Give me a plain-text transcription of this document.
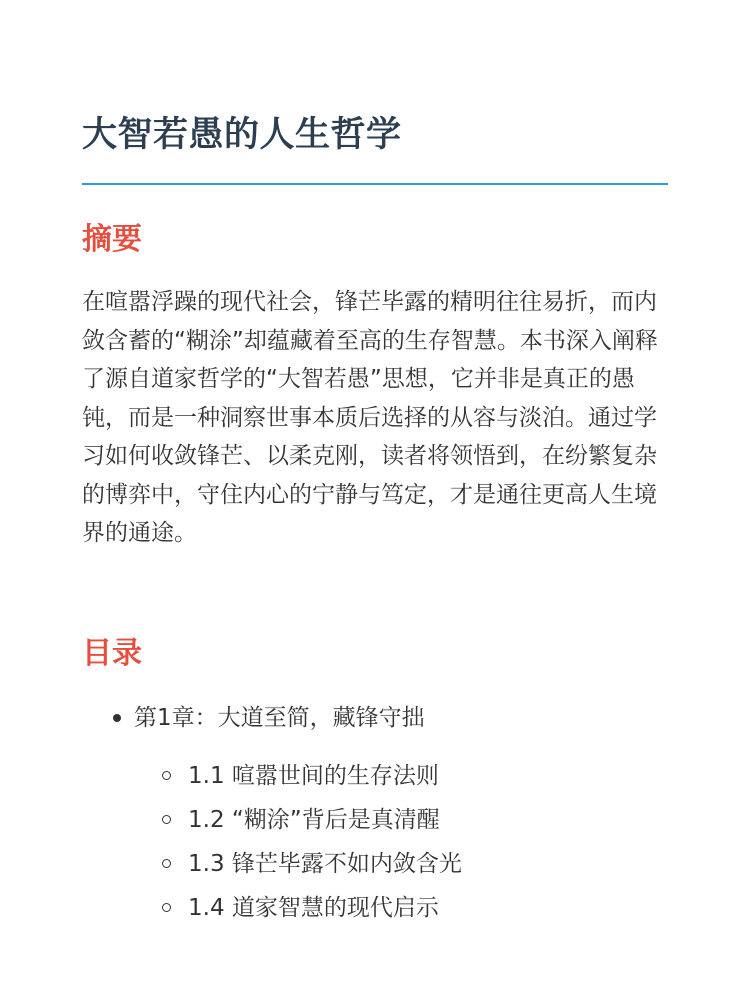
大智若愚的人生哲学
摘要

在喧嚣浮躁的现代社会，锋芒毕露的精明往往易折，而内敛含蓄的“糊涂”却蕴藏着至高的生存智慧。本书深入阐释了源自道家哲学的“大智若愚”思想，它并非是真正的愚钝，而是一种洞察世事本质后选择的从容与淡泊。通过学习如何收敛锋芒、以柔克刚，读者将领悟到，在纷繁复杂的博弈中，守住内心的宁静与笃定，才是通往更高人生境界的通途。

目录
第1章：大道至简，藏锋守拙
1.1 喧嚣世间的生存法则
1.2 “糊涂”背后是真清醒
1.3 锋芒毕露不如内敛含光
1.4 道家智慧的现代启示
